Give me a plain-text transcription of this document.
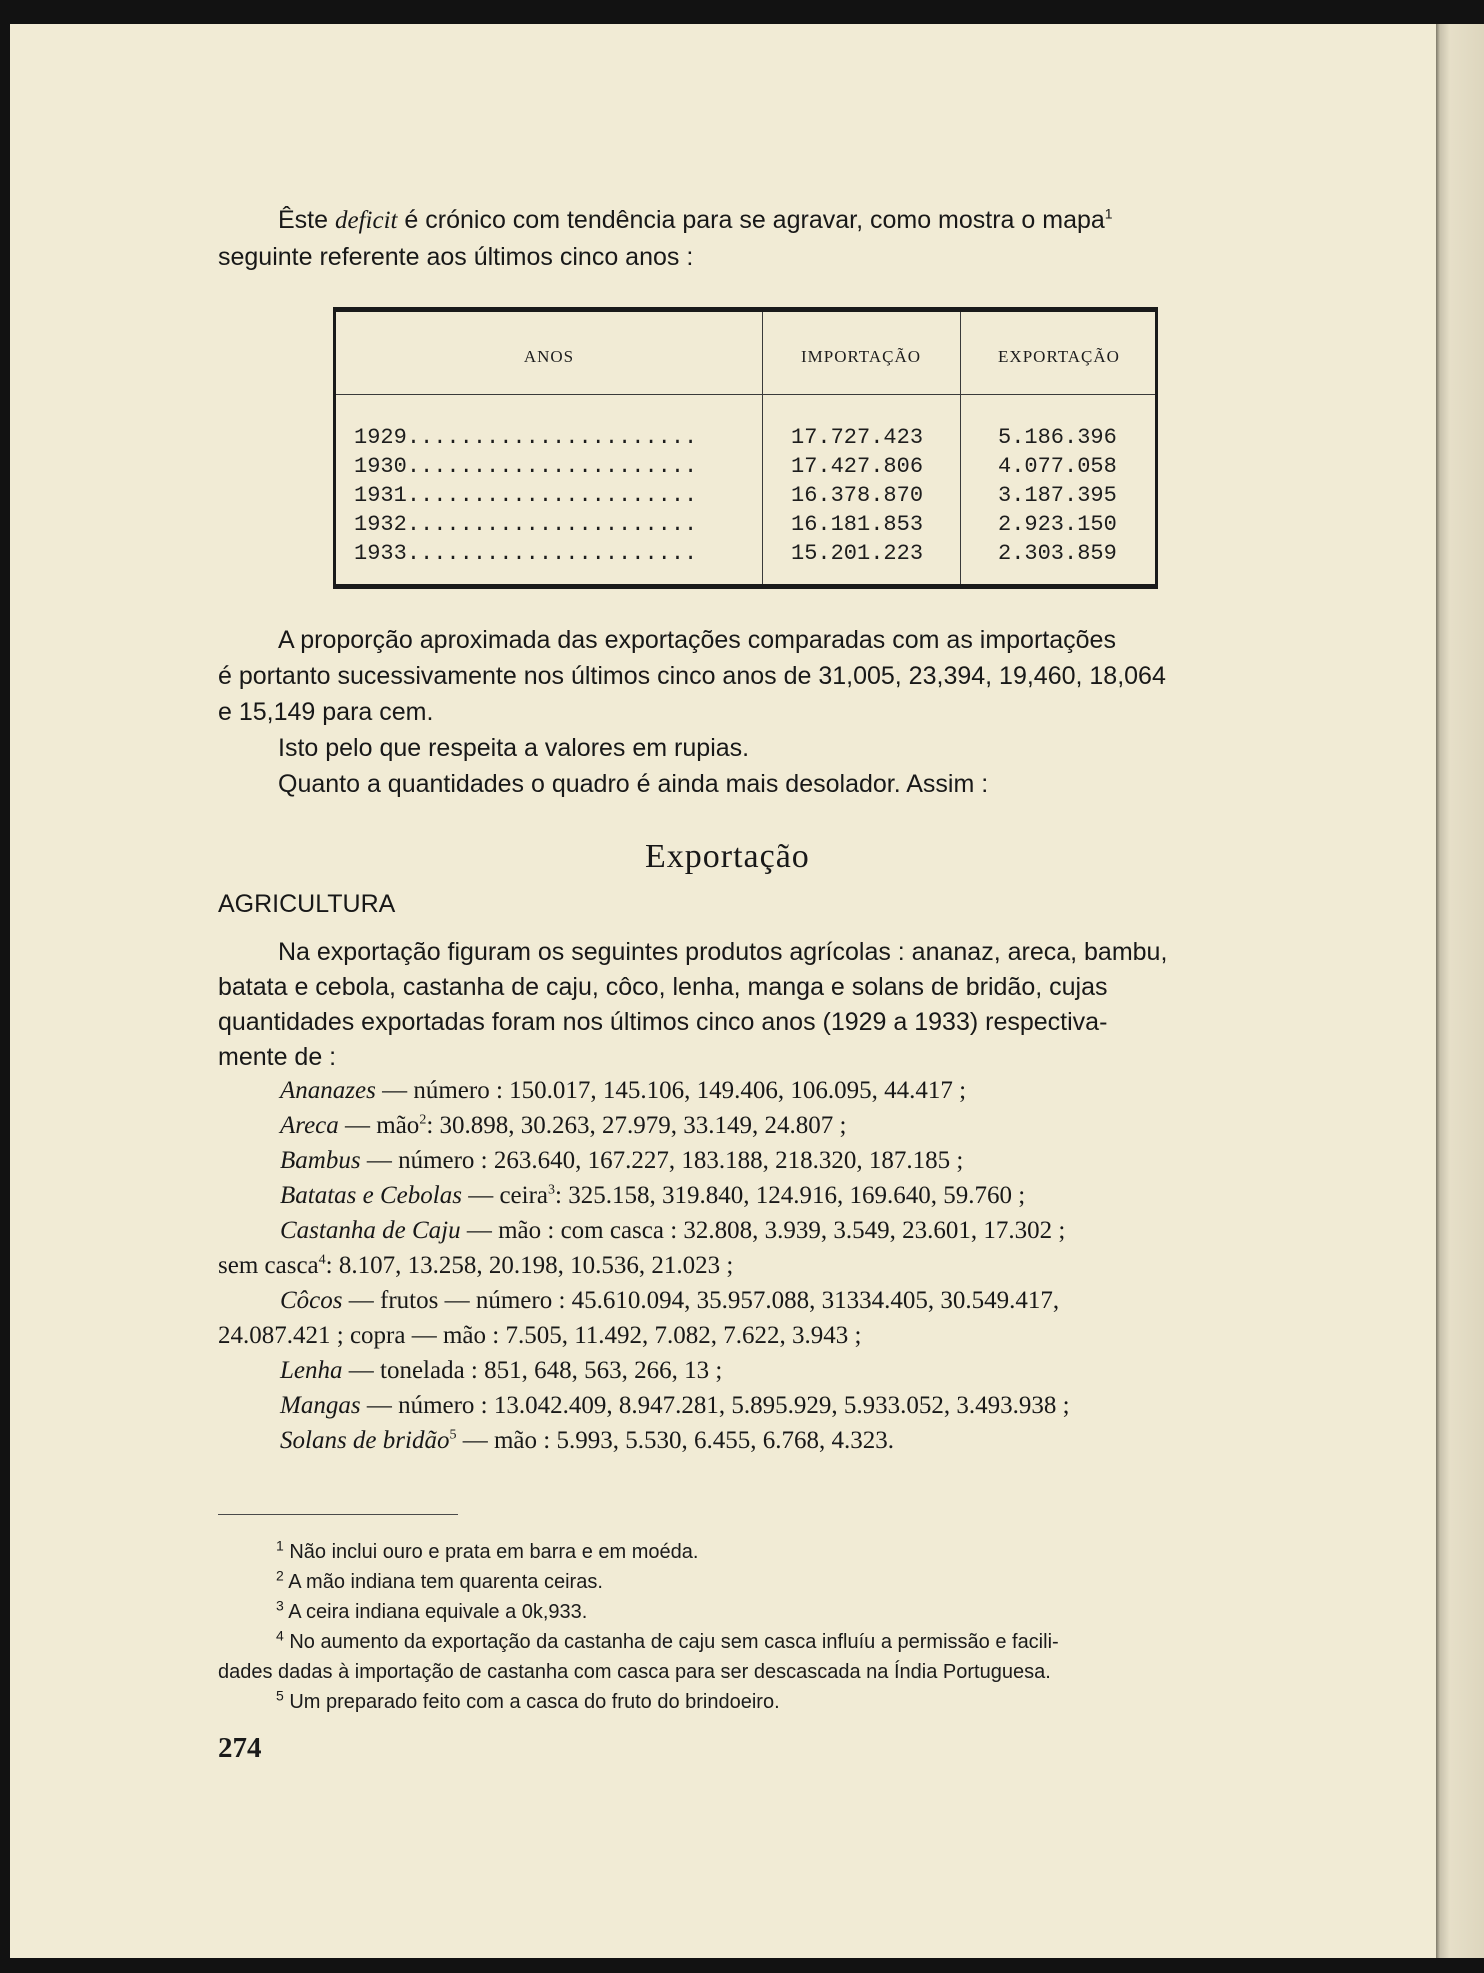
Êste deficit é crónico com tendência para se agravar, como mostra o mapa$^1$
seguinte referente aos últimos cinco anos :

ANOS	IMPORTAÇÃO	EXPORTAÇÃO
1929......................	17.727.423	5.186.396
1930......................	17.427.806	4.077.058
1931......................	16.378.870	3.187.395
1932......................	16.181.853	2.923.150
1933......................	15.201.223	2.303.859

A proporção aproximada das exportações comparadas com as importações
é portanto sucessivamente nos últimos cinco anos de 31,005, 23,394, 19,460, 18,064
e 15,149 para cem.
Isto pelo que respeita a valores em rupias.
Quanto a quantidades o quadro é ainda mais desolador. Assim :

Exportação
AGRICULTURA

Na exportação figuram os seguintes produtos agrícolas : ananaz, areca, bambu,
batata e cebola, castanha de caju, côco, lenha, manga e solans de bridão, cujas
quantidades exportadas foram nos últimos cinco anos (1929 a 1933) respectiva-
mente de :

Ananazes — número : 150.017, 145.106, 149.406, 106.095, 44.417 ;
Areca — mão$^2$: 30.898, 30.263, 27.979, 33.149, 24.807 ;
Bambus — número : 263.640, 167.227, 183.188, 218.320, 187.185 ;
Batatas e Cebolas — ceira$^3$: 325.158, 319.840, 124.916, 169.640, 59.760 ;
Castanha de Caju — mão : com casca : 32.808, 3.939, 3.549, 23.601, 17.302 ;
sem casca$^4$: 8.107, 13.258, 20.198, 10.536, 21.023 ;
Côcos — frutos — número : 45.610.094, 35.957.088, 31334.405, 30.549.417,
24.087.421 ; copra — mão : 7.505, 11.492, 7.082, 7.622, 3.943 ;
Lenha — tonelada : 851, 648, 563, 266, 13 ;
Mangas — número : 13.042.409, 8.947.281, 5.895.929, 5.933.052, 3.493.938 ;
Solans de bridão$^5$ — mão : 5.993, 5.530, 6.455, 6.768, 4.323.
$^1$ Não inclui ouro e prata em barra e em moéda.
$^2$ A mão indiana tem quarenta ceiras.
$^3$ A ceira indiana equivale a 0k,933.
$^4$ No aumento da exportação da castanha de caju sem casca influíu a permissão e facili-
dades dadas à importação de castanha com casca para ser descascada na Índia Portuguesa.
$^5$ Um preparado feito com a casca do fruto do brindoeiro.
274
